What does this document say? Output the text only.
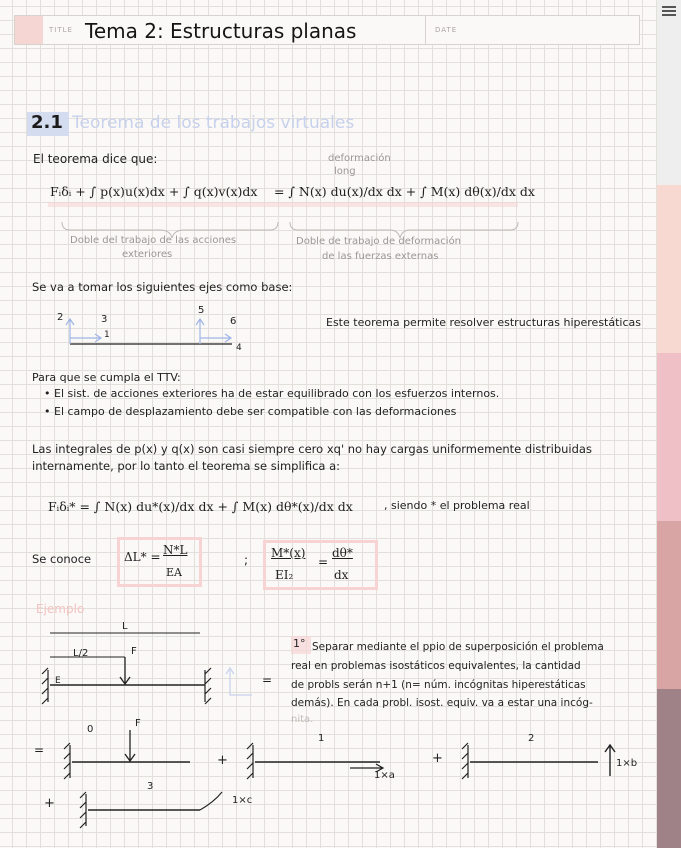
TITLE Tema 2: Estructuras planas	DATE
2.1 Teorema de los trabajos virtuales
El teorema dice que:	deformación
long
Fᵢδᵢ + ∫ p(x)u(x)dx + ∫ q(x)v(x)dx = ∫ N(x) du(x)/dx dx + ∫ M(x) dθ(x)/dx dx
Doble del trabajo de las acciones
exteriores
Doble de trabajo de deformación
de las fuerzas externas
Se va a tomar los siguientes ejes como base:
2	3
5
6
1
4
Este teorema permite resolver estructuras hiperestáticas
Para que se cumpla el TTV:
• El sist. de acciones exteriores ha de estar equilibrado con los esfuerzos internos.
• El campo de desplazamiento debe ser compatible con las deformaciones
Las integrales de p(x) y q(x) son casi siempre cero xq' no hay cargas uniformemente distribuidas
internamente, por lo tanto el teorema se simplifica a:
Fᵢδᵢ* = ∫ N(x) du*(x)/dx dx + ∫ M(x) dθ*(x)/dx dx	, siendo * el problema real
Se conoce	ΔL* = N*L
EA
; M*(x)
EI₂
=
dθ*
dx
Ejemplo
L
L/2	F
E	=
1° Separar mediante el ppio de superposición el problema
real en problemas isostáticos equivalentes, la cantidad
de probls serán n+1 (n= núm. incógnitas hiperestáticas
demás). En cada probl. isost. equiv. va a estar una incóg-
nita.
0
F
1	2
3
=
+	+
+
1×a
1×b
1×c
